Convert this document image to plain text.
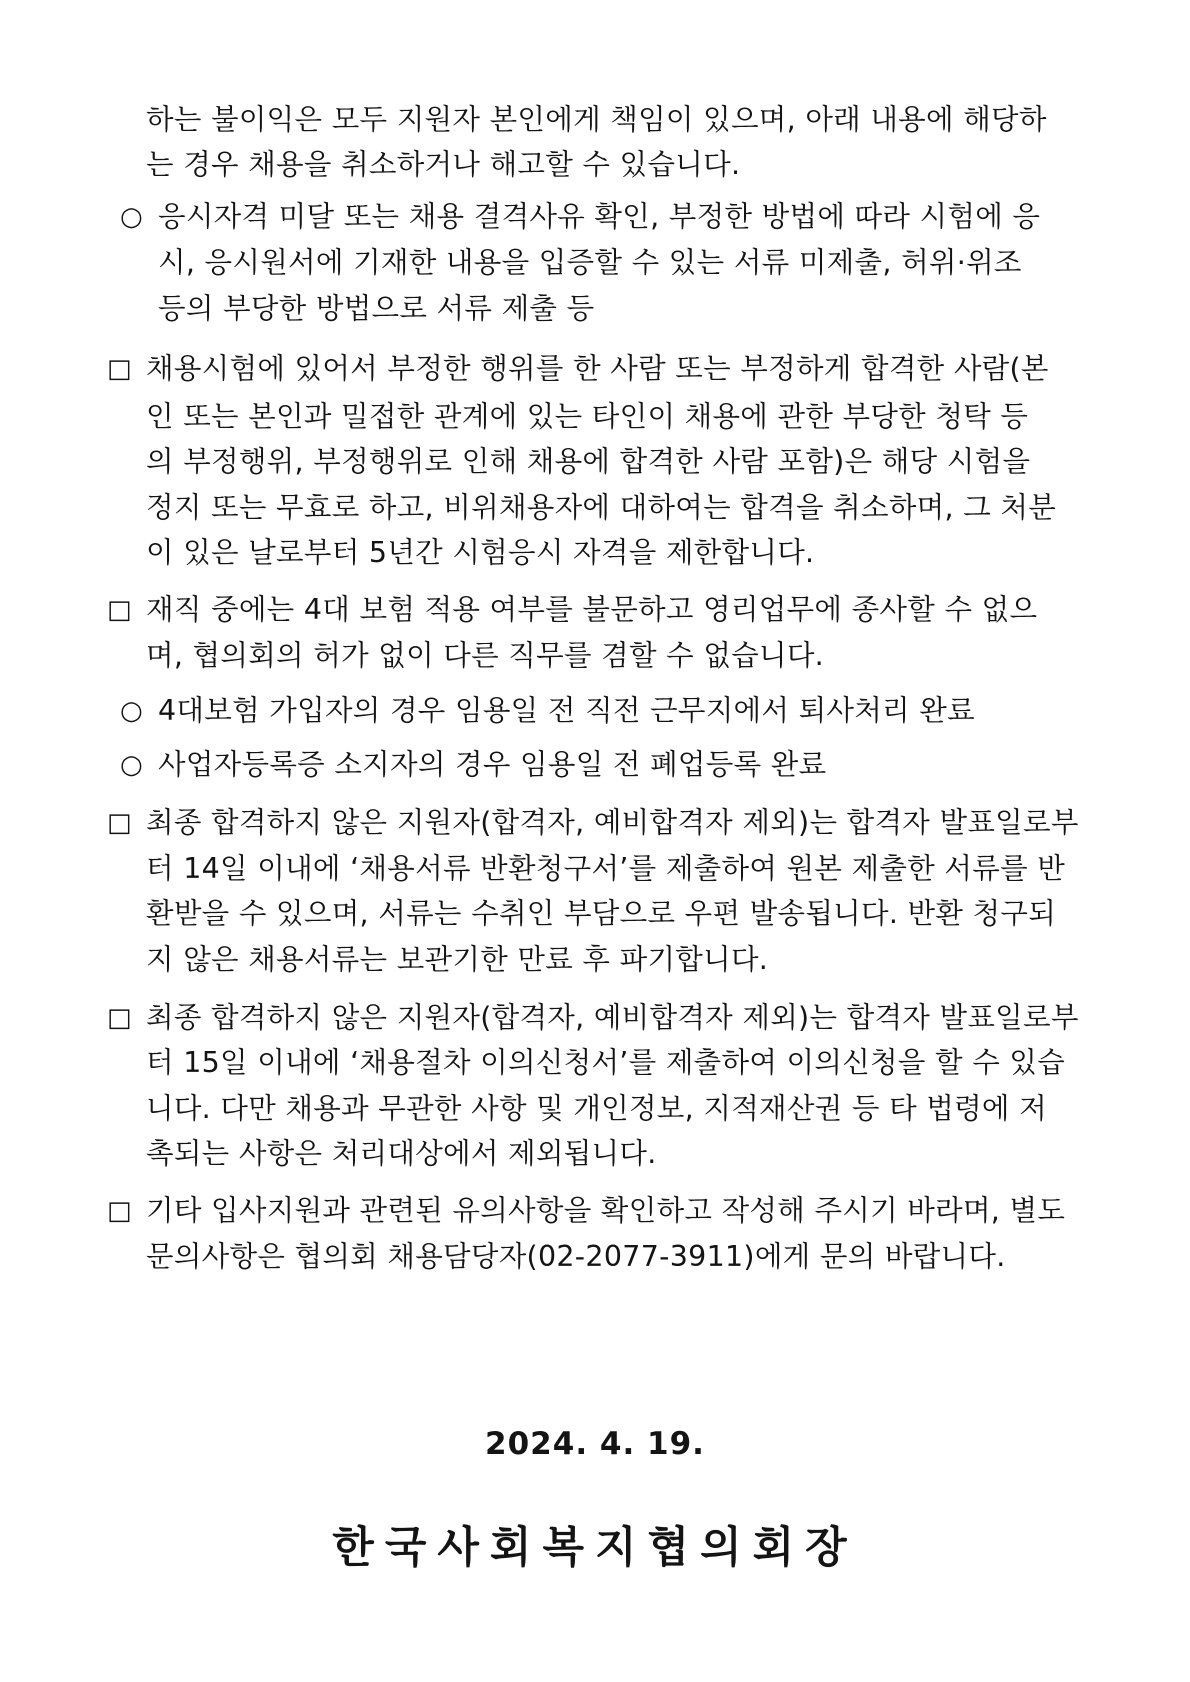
하는 불이익은 모두 지원자 본인에게 책임이 있으며, 아래 내용에 해당하

는 경우 채용을 취소하거나 해고할 수 있습니다.

○ 응시자격 미달 또는 채용 결격사유 확인, 부정한 방법에 따라 시험에 응

시, 응시원서에 기재한 내용을 입증할 수 있는 서류 미제출, 허위·위조

등의 부당한 방법으로 서류 제출 등

□ 채용시험에 있어서 부정한 행위를 한 사람 또는 부정하게 합격한 사람(본

인 또는 본인과 밀접한 관계에 있는 타인이 채용에 관한 부당한 청탁 등

의 부정행위, 부정행위로 인해 채용에 합격한 사람 포함)은 해당 시험을

정지 또는 무효로 하고, 비위채용자에 대하여는 합격을 취소하며, 그 처분

이 있은 날로부터 5년간 시험응시 자격을 제한합니다.

□ 재직 중에는 4대 보험 적용 여부를 불문하고 영리업무에 종사할 수 없으

며, 협의회의 허가 없이 다른 직무를 겸할 수 없습니다.

○ 4대보험 가입자의 경우 임용일 전 직전 근무지에서 퇴사처리 완료

○ 사업자등록증 소지자의 경우 임용일 전 폐업등록 완료

□ 최종 합격하지 않은 지원자(합격자, 예비합격자 제외)는 합격자 발표일로부

터 14일 이내에 ‘채용서류 반환청구서’를 제출하여 원본 제출한 서류를 반

환받을 수 있으며, 서류는 수취인 부담으로 우편 발송됩니다. 반환 청구되

지 않은 채용서류는 보관기한 만료 후 파기합니다.

□ 최종 합격하지 않은 지원자(합격자, 예비합격자 제외)는 합격자 발표일로부

터 15일 이내에 ‘채용절차 이의신청서’를 제출하여 이의신청을 할 수 있습

니다. 다만 채용과 무관한 사항 및 개인정보, 지적재산권 등 타 법령에 저

촉되는 사항은 처리대상에서 제외됩니다.

□ 기타 입사지원과 관련된 유의사항을 확인하고 작성해 주시기 바라며, 별도

문의사항은 협의회 채용담당자(02-2077-3911)에게 문의 바랍니다.

2024. 4. 19.

한국사회복지협의회장
